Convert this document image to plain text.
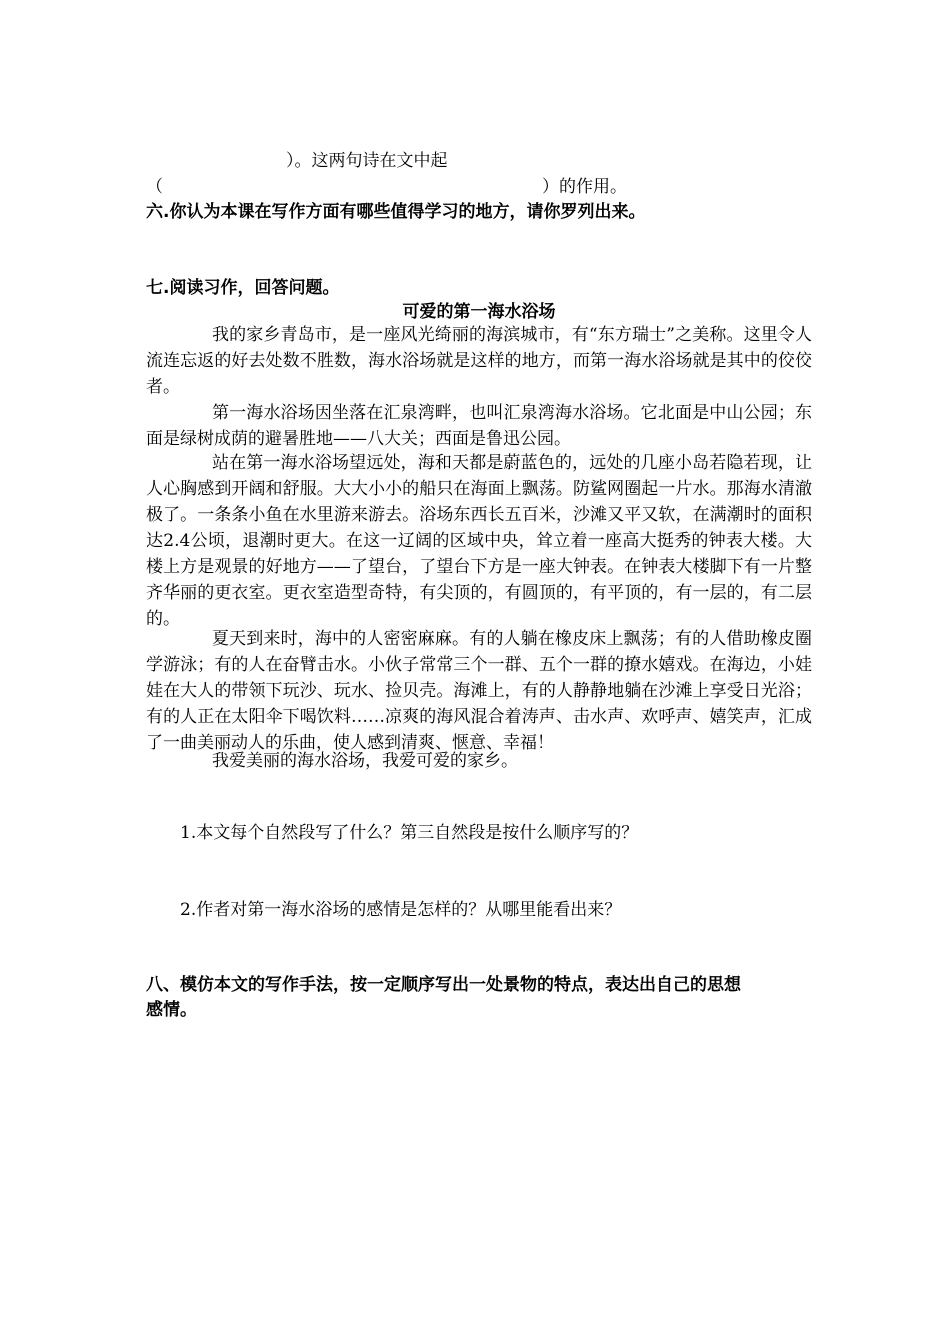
）。这两句诗在文中起
（	）的作用。
六.你认为本课在写作方面有哪些值得学习的地方，请你罗列出来。
七.阅读习作，回答问题。
可爱的第一海水浴场

我的家乡青岛市，是一座风光绮丽的海滨城市，有“东方瑞士”之美称。这里令人流连忘返的好去处数不胜数，海水浴场就是这样的地方，而第一海水浴场就是其中的佼佼者。

第一海水浴场因坐落在汇泉湾畔，也叫汇泉湾海水浴场。它北面是中山公园；东面是绿树成荫的避暑胜地——八大关；西面是鲁迅公园。

站在第一海水浴场望远处，海和天都是蔚蓝色的，远处的几座小岛若隐若现，让人心胸感到开阔和舒服。大大小小的船只在海面上飘荡。防鲨网圈起一片水。那海水清澈极了。一条条小鱼在水里游来游去。浴场东西长五百米，沙滩又平又软，在满潮时的面积达2.4公顷，退潮时更大。在这一辽阔的区域中央，耸立着一座高大挺秀的钟表大楼。大楼上方是观景的好地方——了望台，了望台下方是一座大钟表。在钟表大楼脚下有一片整齐华丽的更衣室。更衣室造型奇特，有尖顶的，有圆顶的，有平顶的，有一层的，有二层的。

夏天到来时，海中的人密密麻麻。有的人躺在橡皮床上飘荡；有的人借助橡皮圈学游泳；有的人在奋臂击水。小伙子常常三个一群、五个一群的撩水嬉戏。在海边，小娃娃在大人的带领下玩沙、玩水、捡贝壳。海滩上，有的人静静地躺在沙滩上享受日光浴；有的人正在太阳伞下喝饮料……凉爽的海风混合着涛声、击水声、欢呼声、嬉笑声，汇成了一曲美丽动人的乐曲，使人感到清爽、惬意、幸福！

我爱美丽的海水浴场，我爱可爱的家乡。

1.本文每个自然段写了什么？第三自然段是按什么顺序写的？
2.作者对第一海水浴场的感情是怎样的？从哪里能看出来？
八、模仿本文的写作手法，按一定顺序写出一处景物的特点，表达出自己的思想
感情。
